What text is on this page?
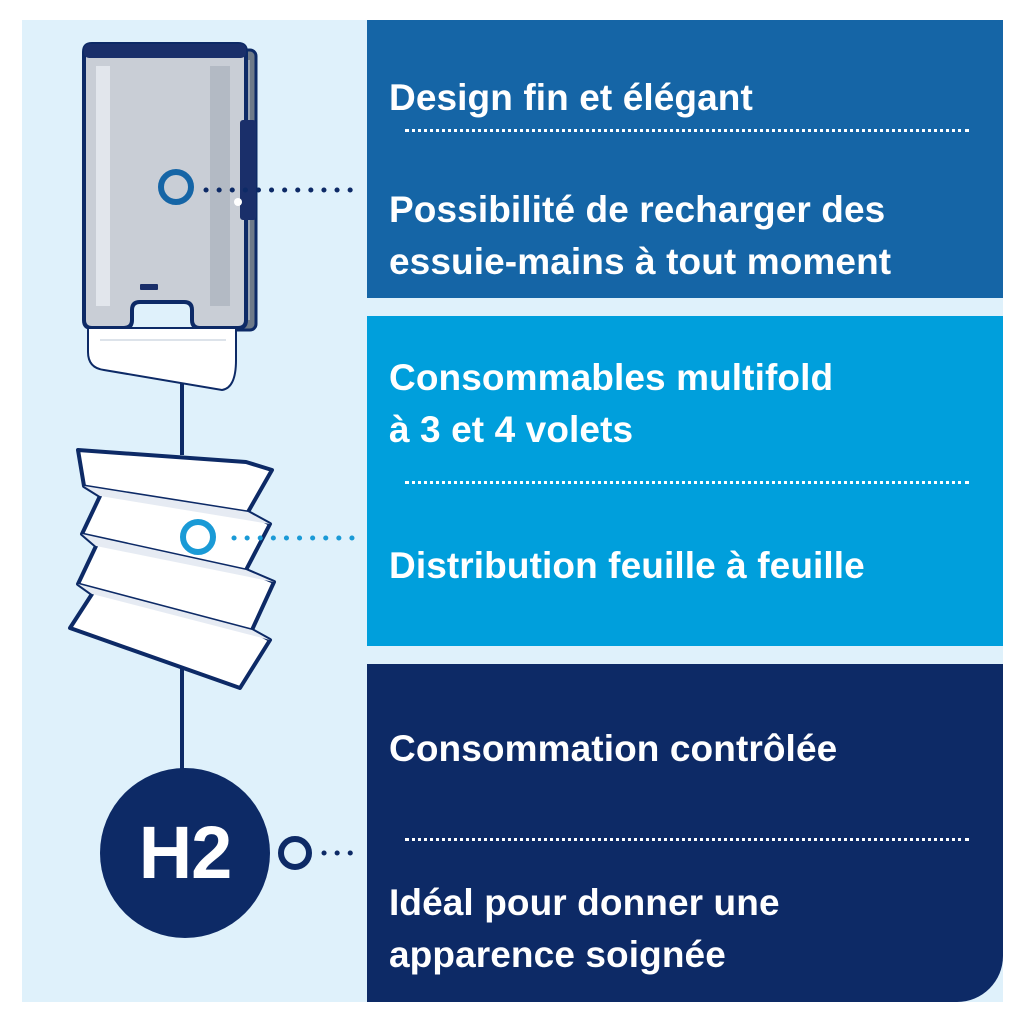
Design fin et élégant
Possibilité de recharger des
essuie-mains à tout moment
Consommables multifold
à 3 et 4 volets
Distribution feuille à feuille
Consommation contrôlée
Idéal pour donner une
apparence soignée
H2
